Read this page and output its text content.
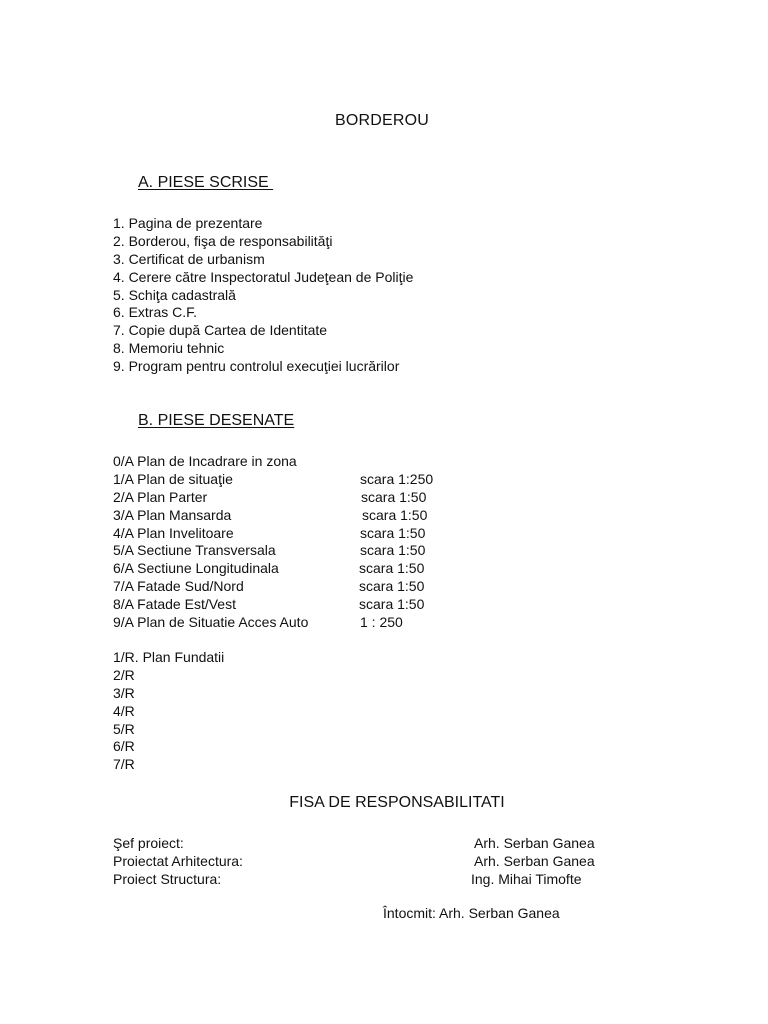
BORDEROU
A. PIESE SCRISE
1. Pagina de prezentare
2. Borderou, fişa de responsabilităţi
3. Certificat de urbanism
4. Cerere către Inspectoratul Judeţean de Poliţie
5. Schiţa cadastrală
6. Extras C.F.
7. Copie după Cartea de Identitate
8. Memoriu tehnic
9. Program pentru controlul execuţiei lucrărilor
B. PIESE DESENATE
0/A Plan de Incadrare in zona
1/A Plan de situaţie	scara 1:250
2/A Plan Parter	scara 1:50
3/A Plan Mansarda	scara 1:50
4/A Plan Invelitoare	scara 1:50
5/A Sectiune Transversala	scara 1:50
6/A Sectiune Longitudinala	scara 1:50
7/A Fatade Sud/Nord	scara 1:50
8/A Fatade Est/Vest	scara 1:50
9/A Plan de Situatie Acces Auto	1 : 250
1/R. Plan Fundatii
2/R
3/R
4/R
5/R
6/R
7/R
FISA DE RESPONSABILITATI
Şef proiect:	Arh. Serban Ganea
Proiectat Arhitectura:	Arh. Serban Ganea
Proiect Structura:	Ing. Mihai Timofte
Întocmit: Arh. Serban Ganea
